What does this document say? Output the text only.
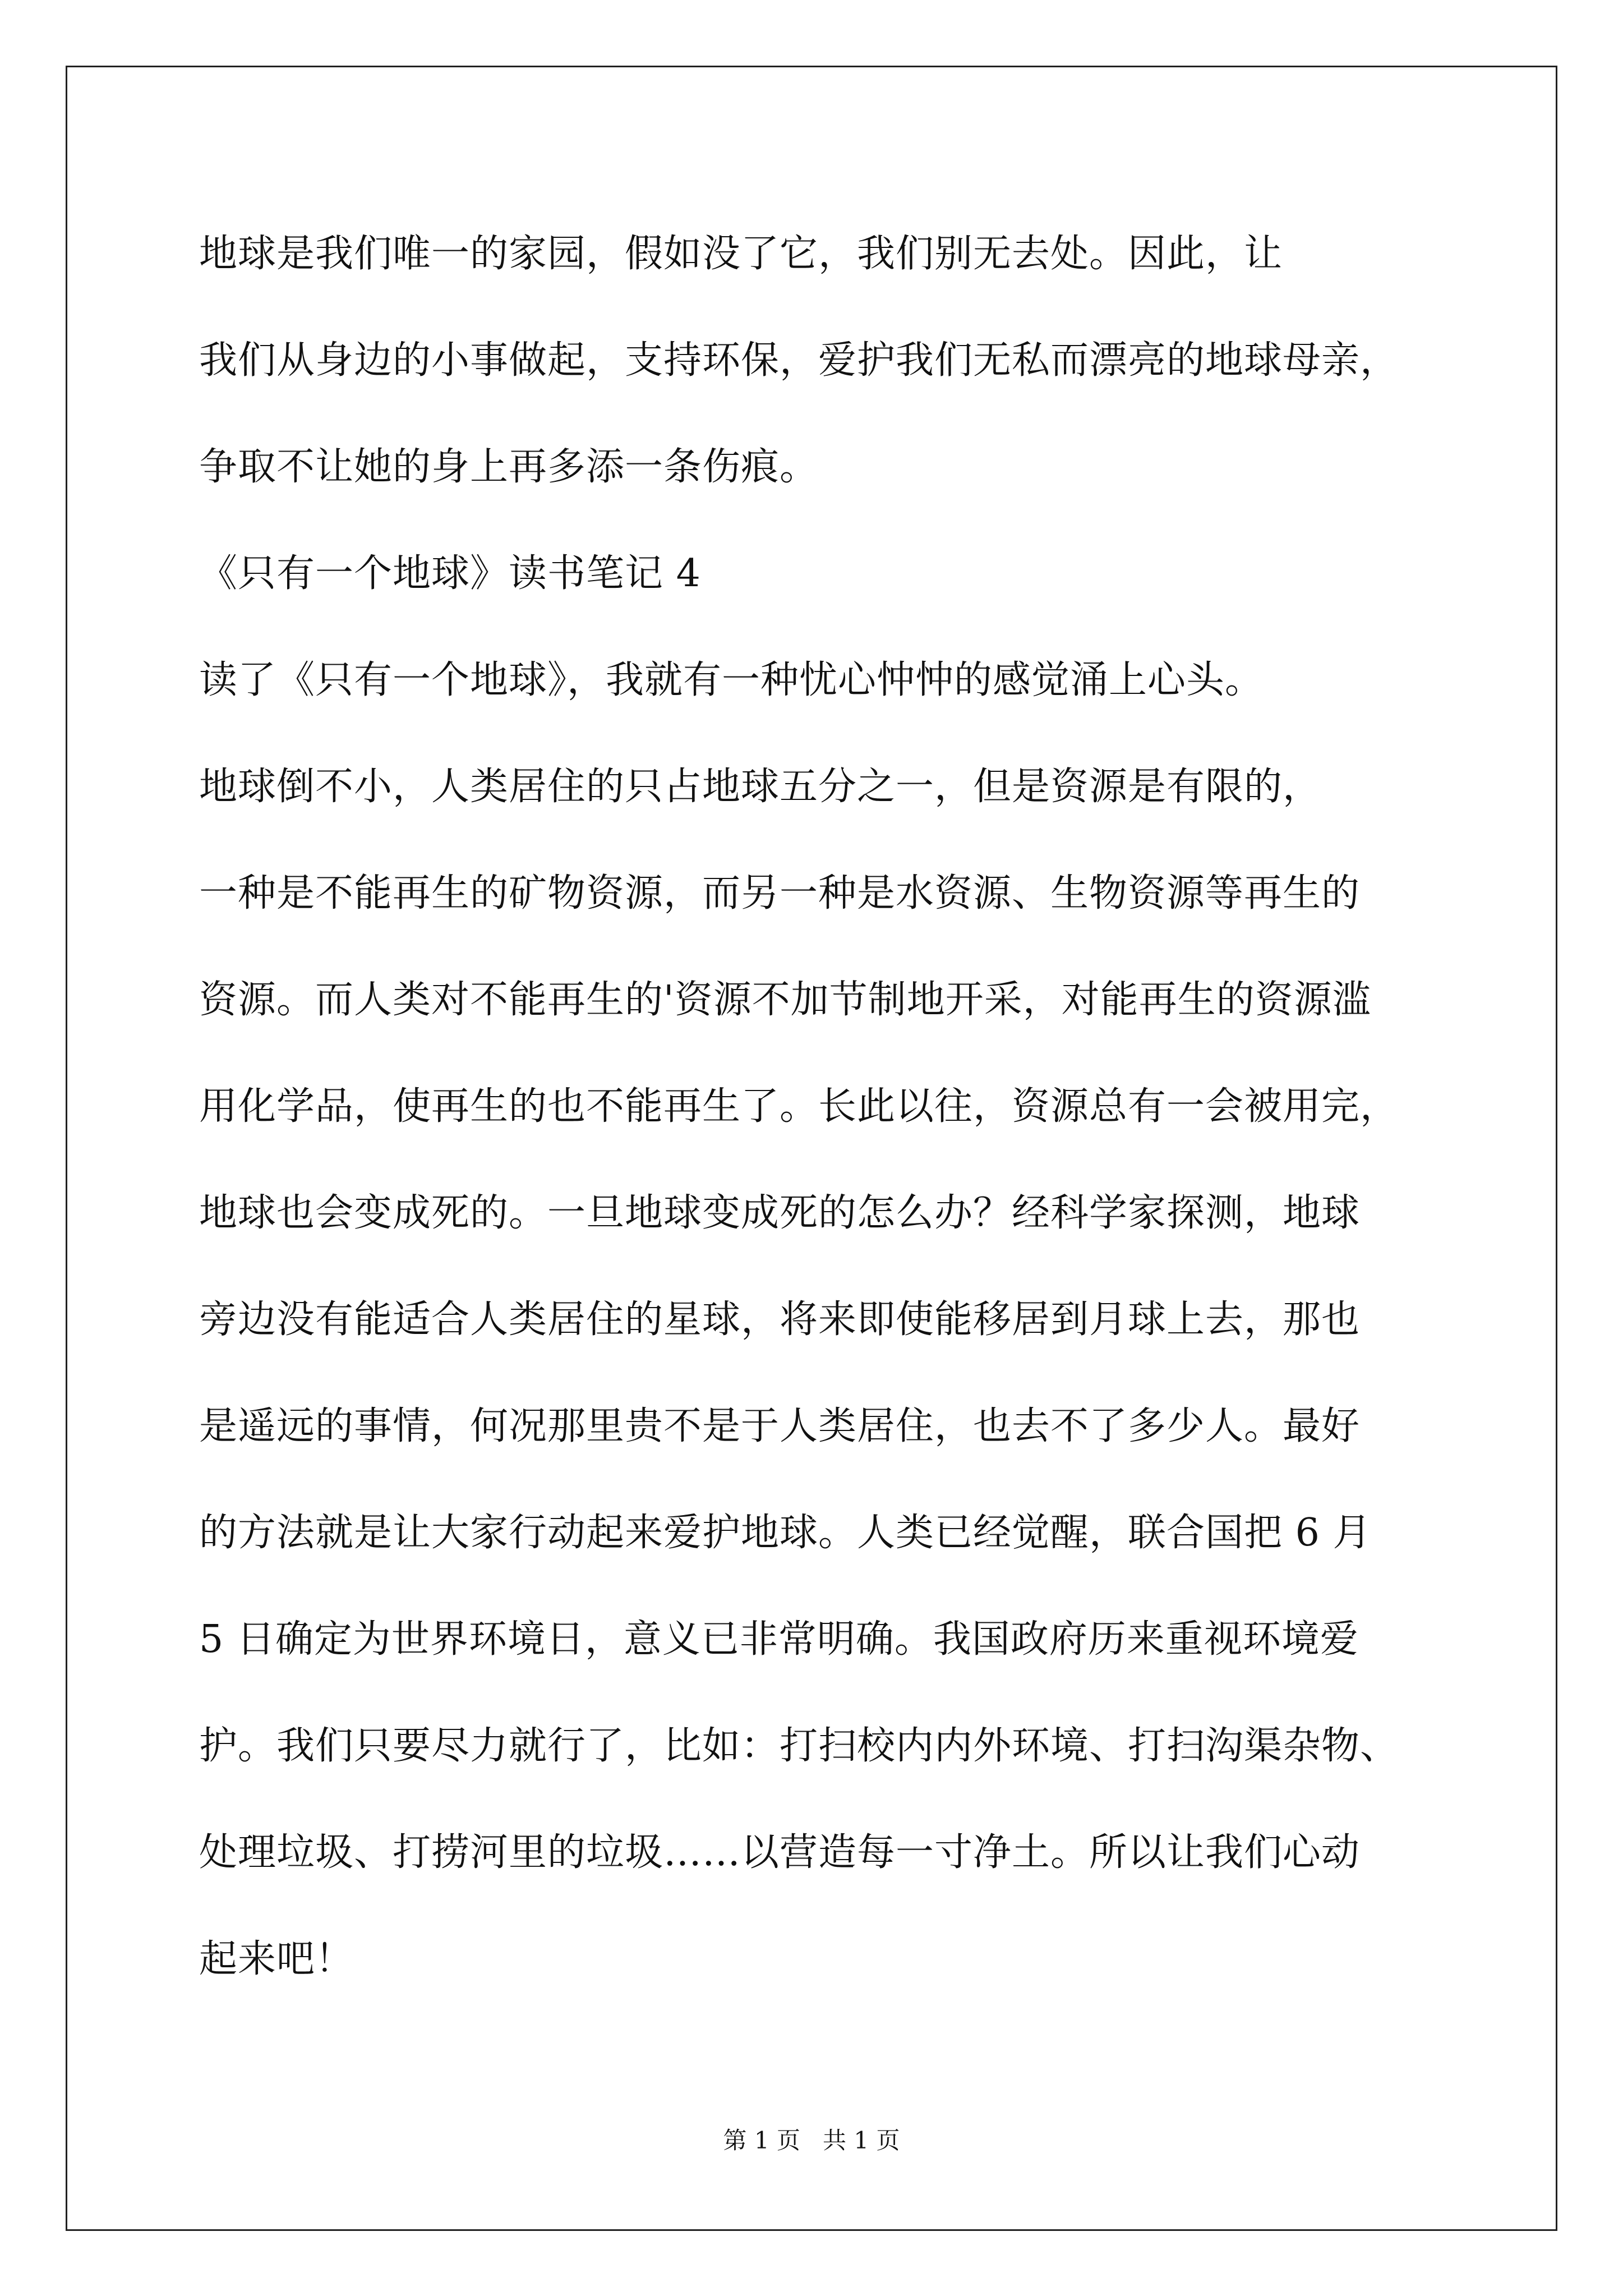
地球是我们唯一的家园，假如没了它，我们别无去处。因此，让
我们从身边的小事做起，支持环保，爱护我们无私而漂亮的地球母亲，
争取不让她的身上再多添一条伤痕。
《只有一个地球》读书笔记 4
读了《只有一个地球》，我就有一种忧心忡忡的感觉涌上心头。
地球倒不小，人类居住的只占地球五分之一，但是资源是有限的，
一种是不能再生的矿物资源，而另一种是水资源、生物资源等再生的
资源。而人类对不能再生的'资源不加节制地开采，对能再生的资源滥
用化学品，使再生的也不能再生了。长此以往，资源总有一会被用完，
地球也会变成死的。一旦地球变成死的怎么办？经科学家探测，地球
旁边没有能适合人类居住的星球，将来即使能移居到月球上去，那也
是遥远的事情，何况那里贵不是于人类居住，也去不了多少人。最好
的方法就是让大家行动起来爱护地球。人类已经觉醒，联合国把 6 月
5 日确定为世界环境日，意义已非常明确。我国政府历来重视环境爱
护。我们只要尽力就行了，比如：打扫校内内外环境、打扫沟渠杂物、
处理垃圾、打捞河里的垃圾……以营造每一寸净土。所以让我们心动
起来吧！
第 1 页   共 1 页
